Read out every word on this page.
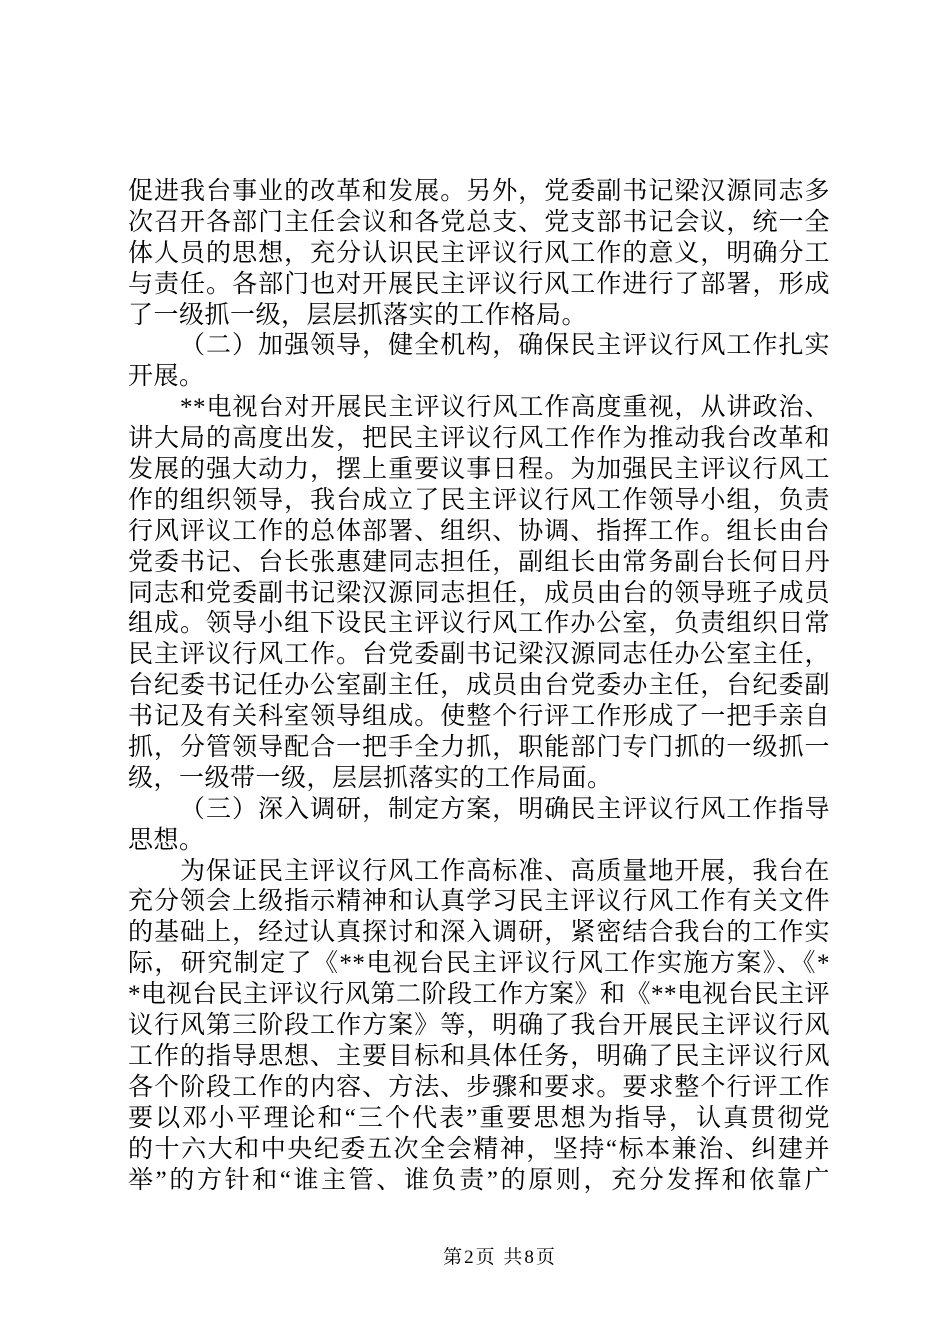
促进我台事业的改革和发展。另外，党委副书记梁汉源同志多
次召开各部门主任会议和各党总支、党支部书记会议，统一全
体人员的思想，充分认识民主评议行风工作的意义，明确分工
与责任。各部门也对开展民主评议行风工作进行了部署，形成
了一级抓一级，层层抓落实的工作格局。
（二）加强领导，健全机构，确保民主评议行风工作扎实
开展。
**电视台对开展民主评议行风工作高度重视，从讲政治、
讲大局的高度出发，把民主评议行风工作作为推动我台改革和
发展的强大动力，摆上重要议事日程。为加强民主评议行风工
作的组织领导，我台成立了民主评议行风工作领导小组，负责
行风评议工作的总体部署、组织、协调、指挥工作。组长由台
党委书记、台长张惠建同志担任，副组长由常务副台长何日丹
同志和党委副书记梁汉源同志担任，成员由台的领导班子成员
组成。领导小组下设民主评议行风工作办公室，负责组织日常
民主评议行风工作。台党委副书记梁汉源同志任办公室主任，
台纪委书记任办公室副主任，成员由台党委办主任，台纪委副
书记及有关科室领导组成。使整个行评工作形成了一把手亲自
抓，分管领导配合一把手全力抓，职能部门专门抓的一级抓一
级，一级带一级，层层抓落实的工作局面。
（三）深入调研，制定方案，明确民主评议行风工作指导
思想。
为保证民主评议行风工作高标准、高质量地开展，我台在
充分领会上级指示精神和认真学习民主评议行风工作有关文件
的基础上，经过认真探讨和深入调研，紧密结合我台的工作实
际，研究制定了《**电视台民主评议行风工作实施方案》、《*
*电视台民主评议行风第二阶段工作方案》和《**电视台民主评
议行风第三阶段工作方案》等，明确了我台开展民主评议行风
工作的指导思想、主要目标和具体任务，明确了民主评议行风
各个阶段工作的内容、方法、步骤和要求。要求整个行评工作
要以邓小平理论和“三个代表”重要思想为指导，认真贯彻党
的十六大和中央纪委五次全会精神，坚持“标本兼治、纠建并
举”的方针和“谁主管、谁负责”的原则，充分发挥和依靠广
第2页 共8页
